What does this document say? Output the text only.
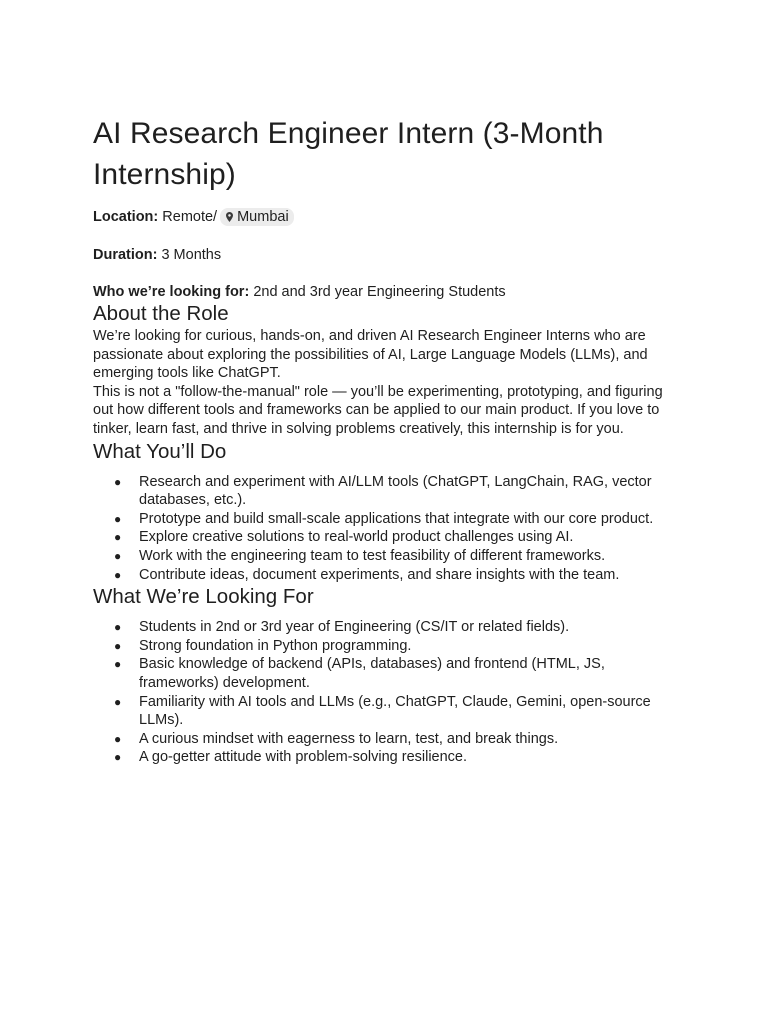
AI Research Engineer Intern (3-Month Internship)

Location: Remote/ Mumbai

Duration: 3 Months

Who we’re looking for: 2nd and 3rd year Engineering Students

About the Role

We’re looking for curious, hands-on, and driven AI Research Engineer Interns who are passionate about exploring the possibilities of AI, Large Language Models (LLMs), and emerging tools like ChatGPT.

This is not a "follow-the-manual" role — you’ll be experimenting, prototyping, and figuring out how different tools and frameworks can be applied to our main product. If you love to tinker, learn fast, and thrive in solving problems creatively, this internship is for you.

What You’ll Do
● Research and experiment with AI/LLM tools (ChatGPT, LangChain, RAG, vector databases, etc.).
● Prototype and build small-scale applications that integrate with our core product.
● Explore creative solutions to real-world product challenges using AI.
● Work with the engineering team to test feasibility of different frameworks.
● Contribute ideas, document experiments, and share insights with the team.
What We’re Looking For
● Students in 2nd or 3rd year of Engineering (CS/IT or related fields).
● Strong foundation in Python programming.
● Basic knowledge of backend (APIs, databases) and frontend (HTML, JS, frameworks) development.
● Familiarity with AI tools and LLMs (e.g., ChatGPT, Claude, Gemini, open-source LLMs).
● A curious mindset with eagerness to learn, test, and break things.
● A go-getter attitude with problem-solving resilience.
